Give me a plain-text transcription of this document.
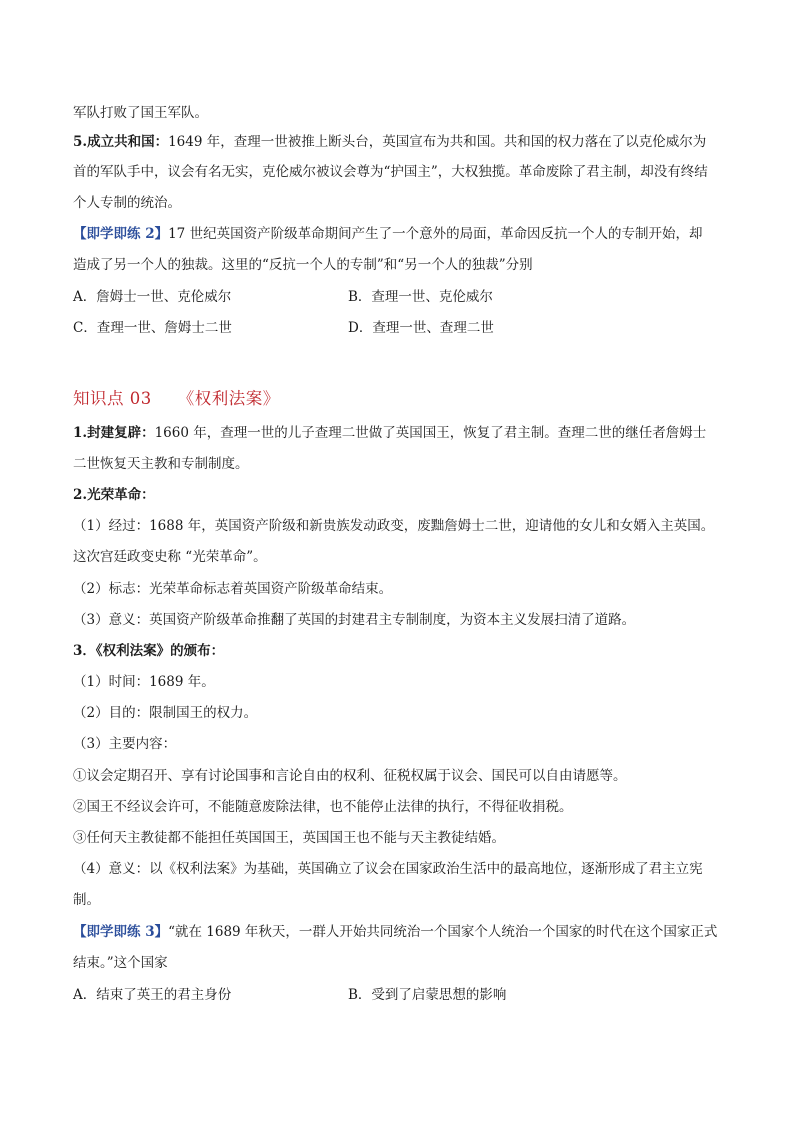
军队打败了国王军队。
5.成立共和国：1649 年，查理一世被推上断头台，英国宣布为共和国。共和国的权力落在了以克伦威尔为
首的军队手中，议会有名无实，克伦威尔被议会尊为“护国主”，大权独揽。革命废除了君主制，却没有终结
个人专制的统治。
【即学即练 2】17 世纪英国资产阶级革命期间产生了一个意外的局面，革命因反抗一个人的专制开始，却
造成了另一个人的独裁。这里的“反抗一个人的专制”和“另一个人的独裁”分别
A．詹姆士一世、克伦威尔	B．查理一世、克伦威尔
C．查理一世、詹姆士二世	D．查理一世、查理二世
知识点 03 《权利法案》
1.封建复辟：1660 年，查理一世的儿子查理二世做了英国国王，恢复了君主制。查理二世的继任者詹姆士
二世恢复天主教和专制制度。
2.光荣革命：
（1）经过：1688 年，英国资产阶级和新贵族发动政变，废黜詹姆士二世，迎请他的女儿和女婿入主英国。
这次宫廷政变史称 “光荣革命”。
（2）标志：光荣革命标志着英国资产阶级革命结束。
（3）意义：英国资产阶级革命推翻了英国的封建君主专制制度，为资本主义发展扫清了道路。
3．《权利法案》的颁布：
（1）时间：1689 年。
（2）目的：限制国王的权力。
（3）主要内容：
①议会定期召开、享有讨论国事和言论自由的权利、征税权属于议会、国民可以自由请愿等。
②国王不经议会许可，不能随意废除法律，也不能停止法律的执行，不得征收捐税。
③任何天主教徒都不能担任英国国王，英国国王也不能与天主教徒结婚。
（4）意义：以《权利法案》为基础，英国确立了议会在国家政治生活中的最高地位，逐渐形成了君主立宪
制。
【即学即练 3】“就在 1689 年秋天，一群人开始共同统治一个国家个人统治一个国家的时代在这个国家正式
结束。”这个国家
A．结束了英王的君主身份	B．受到了启蒙思想的影响
